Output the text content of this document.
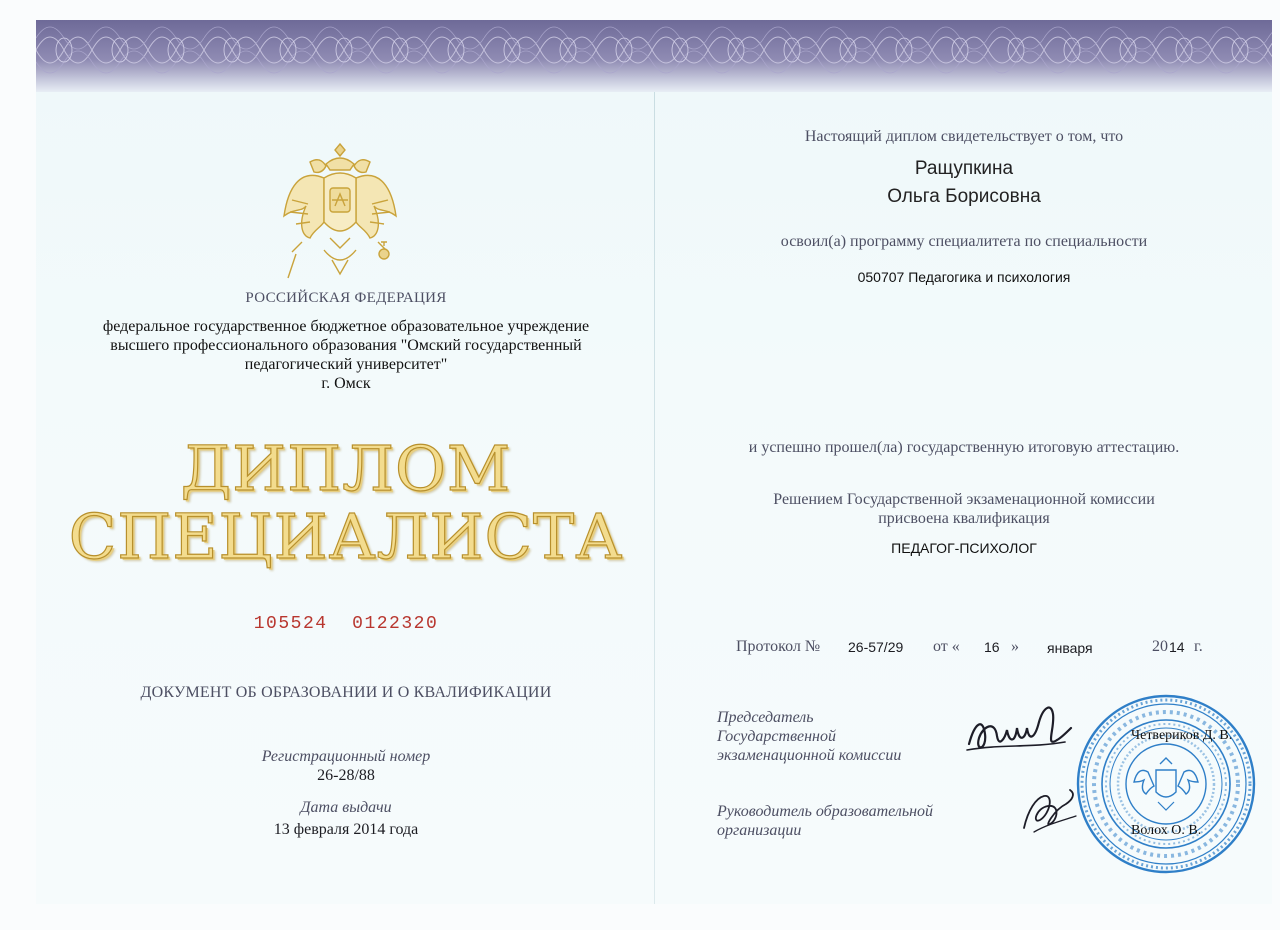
РОССИЙСКАЯ ФЕДЕРАЦИЯ
федеральное государственное бюджетное образовательное учреждение
высшего профессионального образования "Омский государственный
педагогический университет"
г. Омск
ДИПЛОМ
СПЕЦИАЛИСТА
105524  0122320
ДОКУМЕНТ ОБ ОБРАЗОВАНИИ И О КВАЛИФИКАЦИИ
Регистрационный номер
26-28/88
Дата выдачи
13 февраля 2014 года
Настоящий диплом свидетельствует о том, что
Ращупкина
Ольга Борисовна
освоил(а) программу специалитета по специальности
050707 Педагогика и психология
и успешно прошел(ла) государственную итоговую аттестацию.
Решением Государственной экзаменационной комиссии
присвоена квалификация
ПЕДАГОГ-ПСИХОЛОГ
Протокол № 26-57/29 от « 16 » января	20 14 г.
Председатель
Государственной
экзаменационной комиссии
Четвериков Д. В.
Руководитель образовательной
организации	Волох О. В.
